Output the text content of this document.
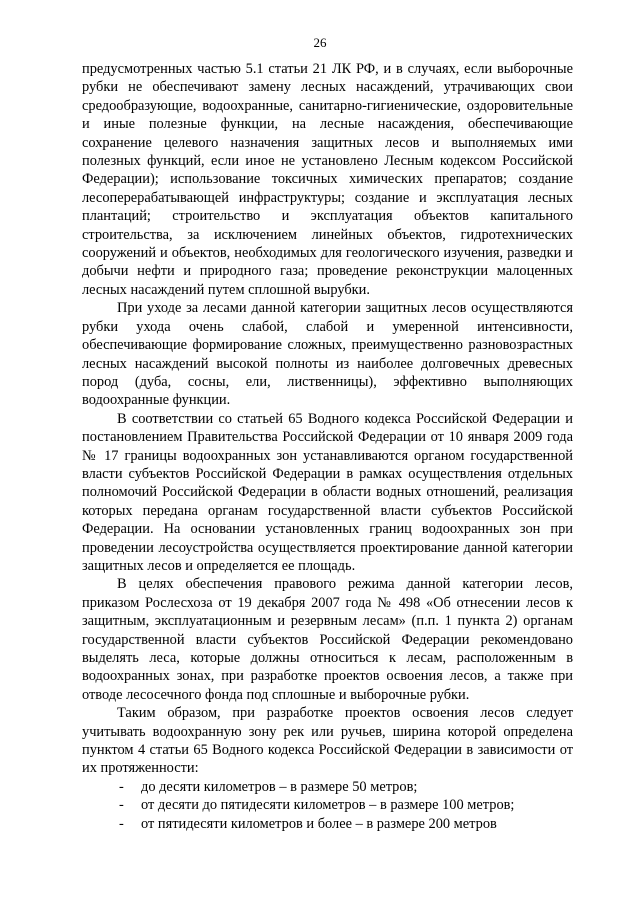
26

предусмотренных частью 5.1 статьи 21 ЛК РФ, и в случаях, если выборочные рубки не обеспечивают замену лесных насаждений, утрачивающих свои средообразующие, водоохранные, санитарно-гигиенические, оздоровительные и иные полезные функции, на лесные насаждения, обеспечивающие сохранение целевого назначения защитных лесов и выполняемых ими полезных функций, если иное не установлено Лесным кодексом Российской Федерации); использование токсичных химических препаратов; создание лесоперерабатывающей инфраструктуры; создание и эксплуатация лесных плантаций; строительство и эксплуатация объектов капитального строительства, за исключением линейных объектов, гидротехнических сооружений и объектов, необходимых для геологического изучения, разведки и добычи нефти и природного газа; проведение реконструкции малоценных лесных насаждений путем сплошной вырубки.

При уходе за лесами данной категории защитных лесов осуществляются рубки ухода очень слабой, слабой и умеренной интенсивности, обеспечивающие формирование сложных, преимущественно разновозрастных лесных насаждений высокой полноты из наиболее долговечных древесных пород (дуба, сосны, ели, лиственницы), эффективно выполняющих водоохранные функции.

В соответствии со статьей 65 Водного кодекса Российской Федерации и постановлением Правительства Российской Федерации от 10 января 2009 года № 17 границы водоохранных зон устанавливаются органом государственной власти субъектов Российской Федерации в рамках осуществления отдельных полномочий Российской Федерации в области водных отношений, реализация которых передана органам государственной власти субъектов Российской Федерации. На основании установленных границ водоохранных зон при проведении лесоустройства осуществляется проектирование данной категории защитных лесов и определяется ее площадь.

В целях обеспечения правового режима данной категории лесов, приказом Рослесхоза от 19 декабря 2007 года № 498 «Об отнесении лесов к защитным, эксплуатационным и резервным лесам» (п.п. 1 пункта 2) органам государственной власти субъектов Российской Федерации рекомендовано выделять леса, которые должны относиться к лесам, расположенным в водоохранных зонах, при разработке проектов освоения лесов, а также при отводе лесосечного фонда под сплошные и выборочные рубки.

Таким образом, при разработке проектов освоения лесов следует учитывать водоохранную зону рек или ручьев, ширина которой определена пунктом 4 статьи 65 Водного кодекса Российской Федерации в зависимости от их протяженности:

-	до десяти километров – в размере 50 метров;
-	от десяти до пятидесяти километров – в размере 100 метров;
-	от пятидесяти километров и более – в размере 200 метров
